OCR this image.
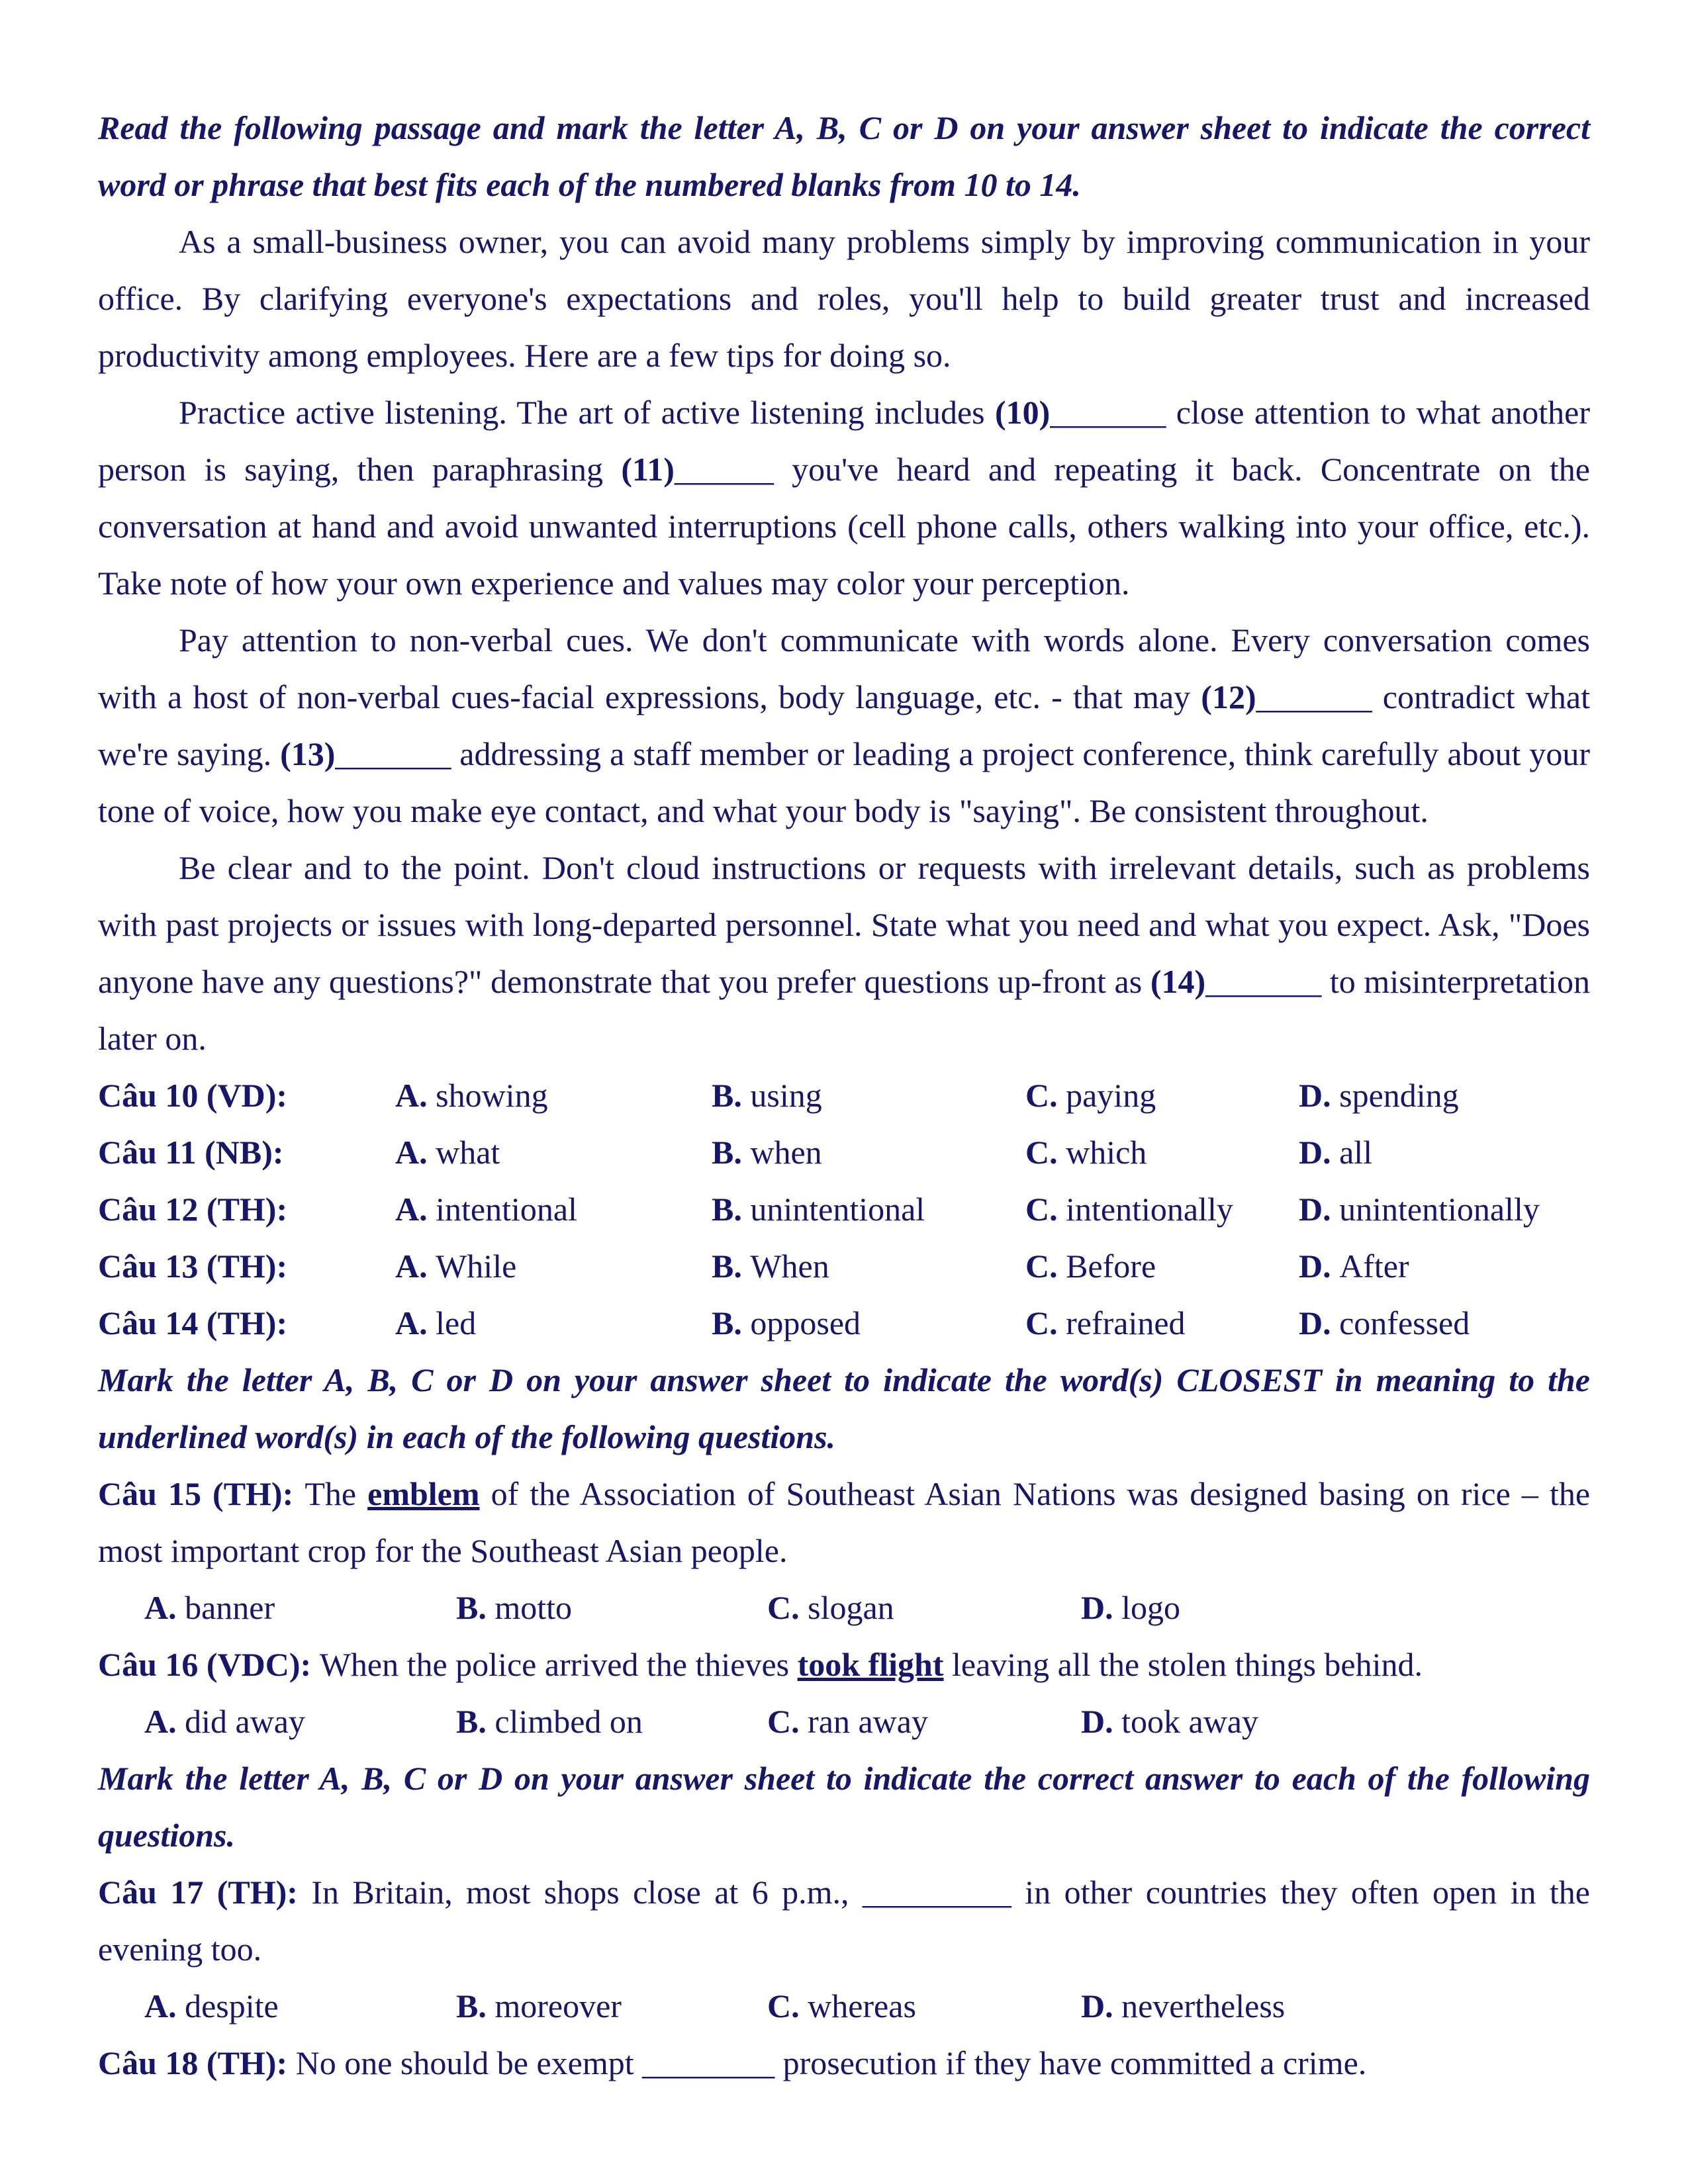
Read the following passage and mark the letter A, B, C or D on your answer sheet to indicate the correct word or phrase that best fits each of the numbered blanks from 10 to 14.

As a small-business owner, you can avoid many problems simply by improving communication in your office. By clarifying everyone's expectations and roles, you'll help to build greater trust and increased productivity among employees. Here are a few tips for doing so.

Practice active listening. The art of active listening includes (10)_______ close attention to what another person is saying, then paraphrasing (11)______ you've heard and repeating it back. Concentrate on the conversation at hand and avoid unwanted interruptions (cell phone calls, others walking into your office, etc.). Take note of how your own experience and values may color your perception.

Pay attention to non-verbal cues. We don't communicate with words alone. Every conversation comes with a host of non-verbal cues-facial expressions, body language, etc. - that may (12)_______ contradict what we're saying. (13)_______ addressing a staff member or leading a project conference, think carefully about your tone of voice, how you make eye contact, and what your body is "saying". Be consistent throughout.

Be clear and to the point. Don't cloud instructions or requests with irrelevant details, such as problems with past projects or issues with long-departed personnel. State what you need and what you expect. Ask, "Does anyone have any questions?" demonstrate that you prefer questions up-front as (14)_______ to misinterpretation later on.

Câu 10 (VD):	A. showing	B. using	C. paying	D. spending
Câu 11 (NB):	A. what	B. when	C. which	D. all
Câu 12 (TH):	A. intentional	B. unintentional	C. intentionally	D. unintentionally
Câu 13 (TH):	A. While	B. When	C. Before	D. After
Câu 14 (TH):	A. led	B. opposed	C. refrained	D. confessed

Mark the letter A, B, C or D on your answer sheet to indicate the word(s) CLOSEST in meaning to the underlined word(s) in each of the following questions.

Câu 15 (TH): The emblem of the Association of Southeast Asian Nations was designed basing on rice – the most important crop for the Southeast Asian people.

A. banner	B. motto	C. slogan	D. logo

Câu 16 (VDC): When the police arrived the thieves took flight leaving all the stolen things behind.

A. did away	B. climbed on	C. ran away	D. took away

Mark the letter A, B, C or D on your answer sheet to indicate the correct answer to each of the following questions.

Câu 17 (TH): In Britain, most shops close at 6 p.m., _________ in other countries they often open in the evening too.

A. despite	B. moreover	C. whereas	D. nevertheless

Câu 18 (TH): No one should be exempt ________ prosecution if they have committed a crime.
